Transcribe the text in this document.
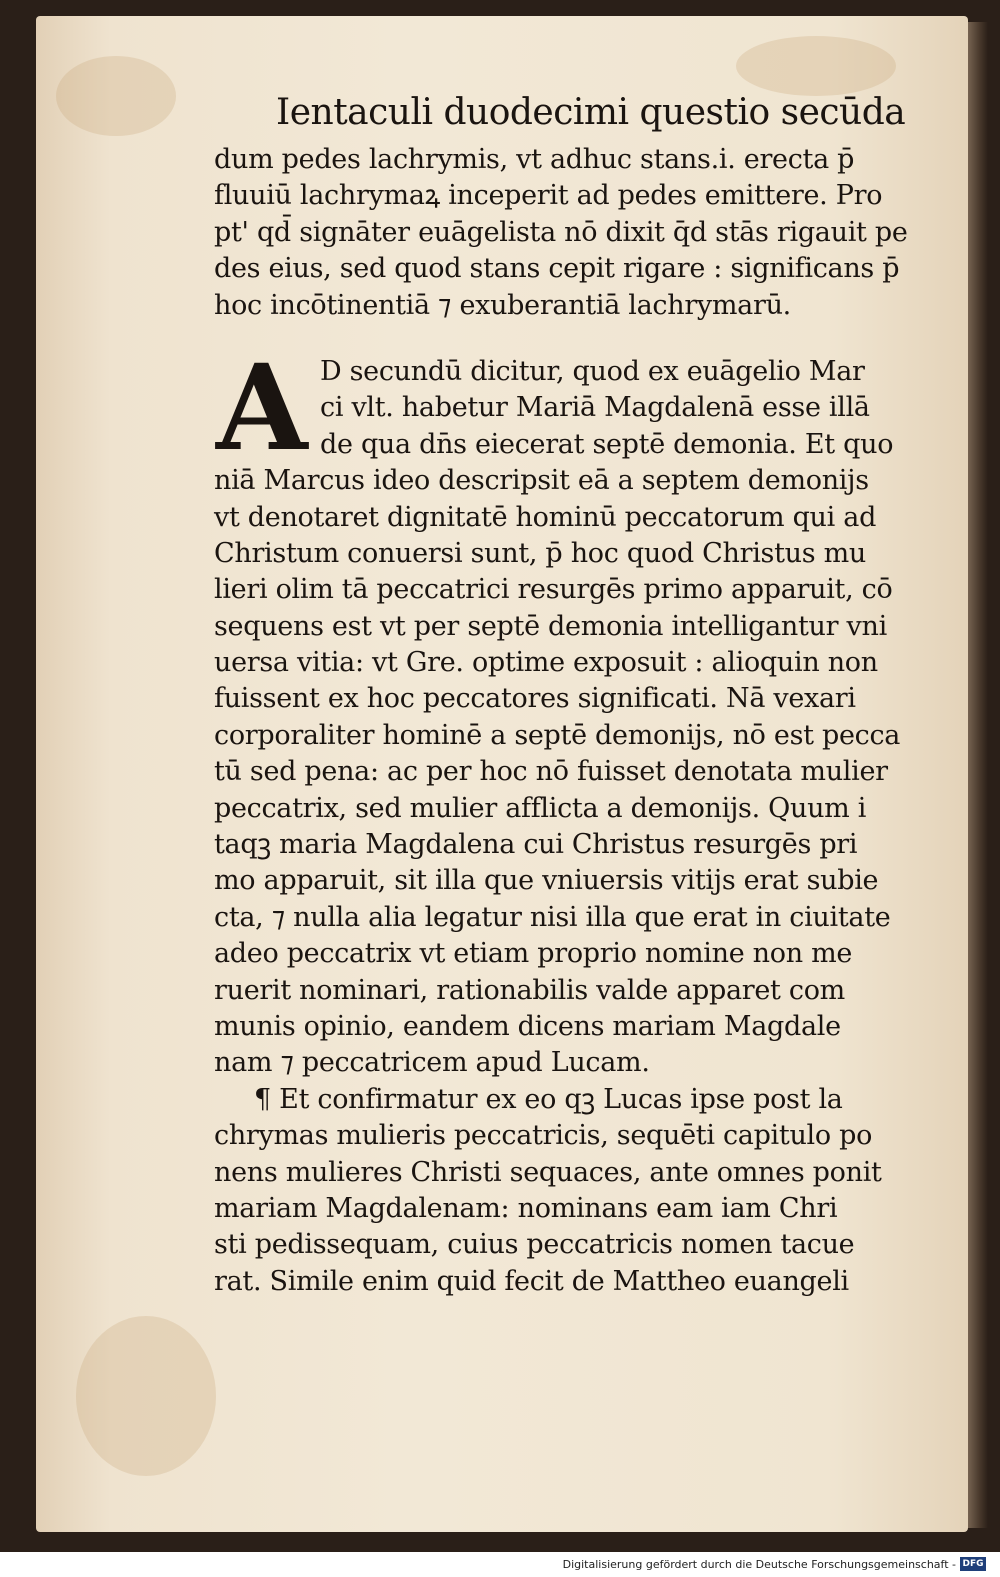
Ientaculi duodecimi questio secūda
dum pedes lachrymis, vt adhuc stans.i. erecta p̄
fluuiū lachrymaꝝ inceperit ad pedes emittere. Pro
pt' qd̄ signāter euāgelista nō dixit q̄d stās rigauit pe
des eius, sed quod stans cepit rigare : significans p̄
hoc incōtinentiā ⁊ exuberantiā lachrymarū.
A D secundū dicitur, quod ex euāgelio Mar
ci vlt. habetur Mariā Magdalenā esse illā
de qua dn̄s eiecerat septē demonia. Et quo
niā Marcus ideo descripsit eā a septem demonijs
vt denotaret dignitatē hominū peccatorum qui ad
Christum conuersi sunt, p̄ hoc quod Christus mu
lieri olim tā peccatrici resurgēs primo apparuit, cō
sequens est vt per septē demonia intelligantur vni
uersa vitia: vt Gre. optime exposuit : alioquin non
fuissent ex hoc peccatores significati. Nā vexari
corporaliter hominē a septē demonijs, nō est pecca
tū sed pena: ac per hoc nō fuisset denotata mulier
peccatrix, sed mulier afflicta a demonijs. Quum i
taqꝫ maria Magdalena cui Christus resurgēs pri
mo apparuit, sit illa que vniuersis vitijs erat subie
cta, ⁊ nulla alia legatur nisi illa que erat in ciuitate
adeo peccatrix vt etiam proprio nomine non me
ruerit nominari, rationabilis valde apparet com
munis opinio, eandem dicens mariam Magdale
nam ⁊ peccatricem apud Lucam.
¶ Et confirmatur ex eo qꝫ Lucas ipse post la
chrymas mulieris peccatricis, sequēti capitulo po
nens mulieres Christi sequaces, ante omnes ponit
mariam Magdalenam: nominans eam iam Chri
sti pedissequam, cuius peccatricis nomen tacue
rat. Simile enim quid fecit de Mattheo euangeli
Digitalisierung gefördert durch die Deutsche Forschungsgemeinschaft - DFG
